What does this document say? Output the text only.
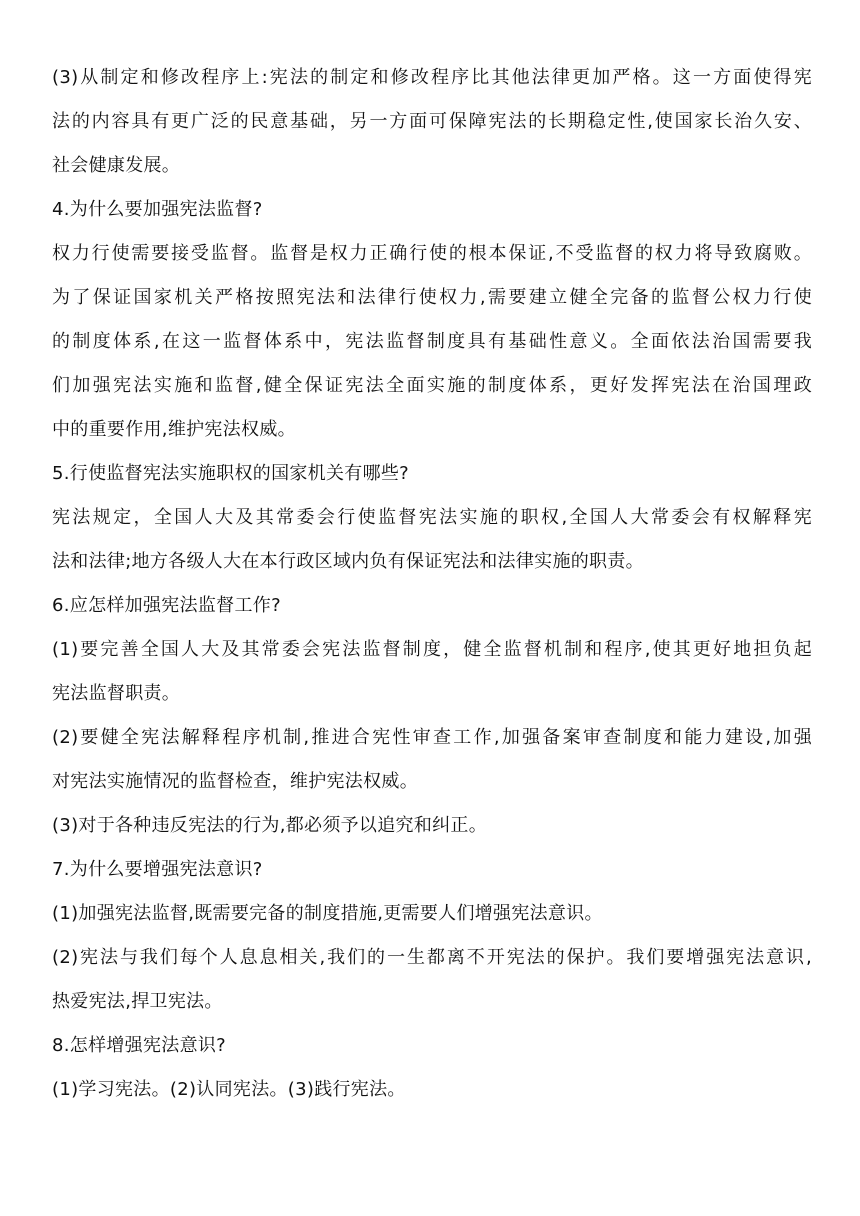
(3)从制定和修改程序上:宪法的制定和修改程序比其他法律更加严格。这一方面使得宪

法的内容具有更广泛的民意基础，另一方面可保障宪法的长期稳定性,使国家长治久安、

社会健康发展。

4.为什么要加强宪法监督?

权力行使需要接受监督。监督是权力正确行使的根本保证,不受监督的权力将导致腐败。

为了保证国家机关严格按照宪法和法律行使权力,需要建立健全完备的监督公权力行使

的制度体系,在这一监督体系中，宪法监督制度具有基础性意义。全面依法治国需要我

们加强宪法实施和监督,健全保证宪法全面实施的制度体系，更好发挥宪法在治国理政

中的重要作用,维护宪法权威。

5.行使监督宪法实施职权的国家机关有哪些?

宪法规定，全国人大及其常委会行使监督宪法实施的职权,全国人大常委会有权解释宪

法和法律;地方各级人大在本行政区域内负有保证宪法和法律实施的职责。

6.应怎样加强宪法监督工作?

(1)要完善全国人大及其常委会宪法监督制度，健全监督机制和程序,使其更好地担负起

宪法监督职责。

(2)要健全宪法解释程序机制,推进合宪性审查工作,加强备案审查制度和能力建设,加强

对宪法实施情况的监督检查，维护宪法权威。

(3)对于各种违反宪法的行为,都必须予以追究和纠正。

7.为什么要增强宪法意识?

(1)加强宪法监督,既需要完备的制度措施,更需要人们增强宪法意识。

(2)宪法与我们每个人息息相关,我们的一生都离不开宪法的保护。我们要增强宪法意识,

热爱宪法,捍卫宪法。

8.怎样增强宪法意识?

(1)学习宪法。(2)认同宪法。(3)践行宪法。
